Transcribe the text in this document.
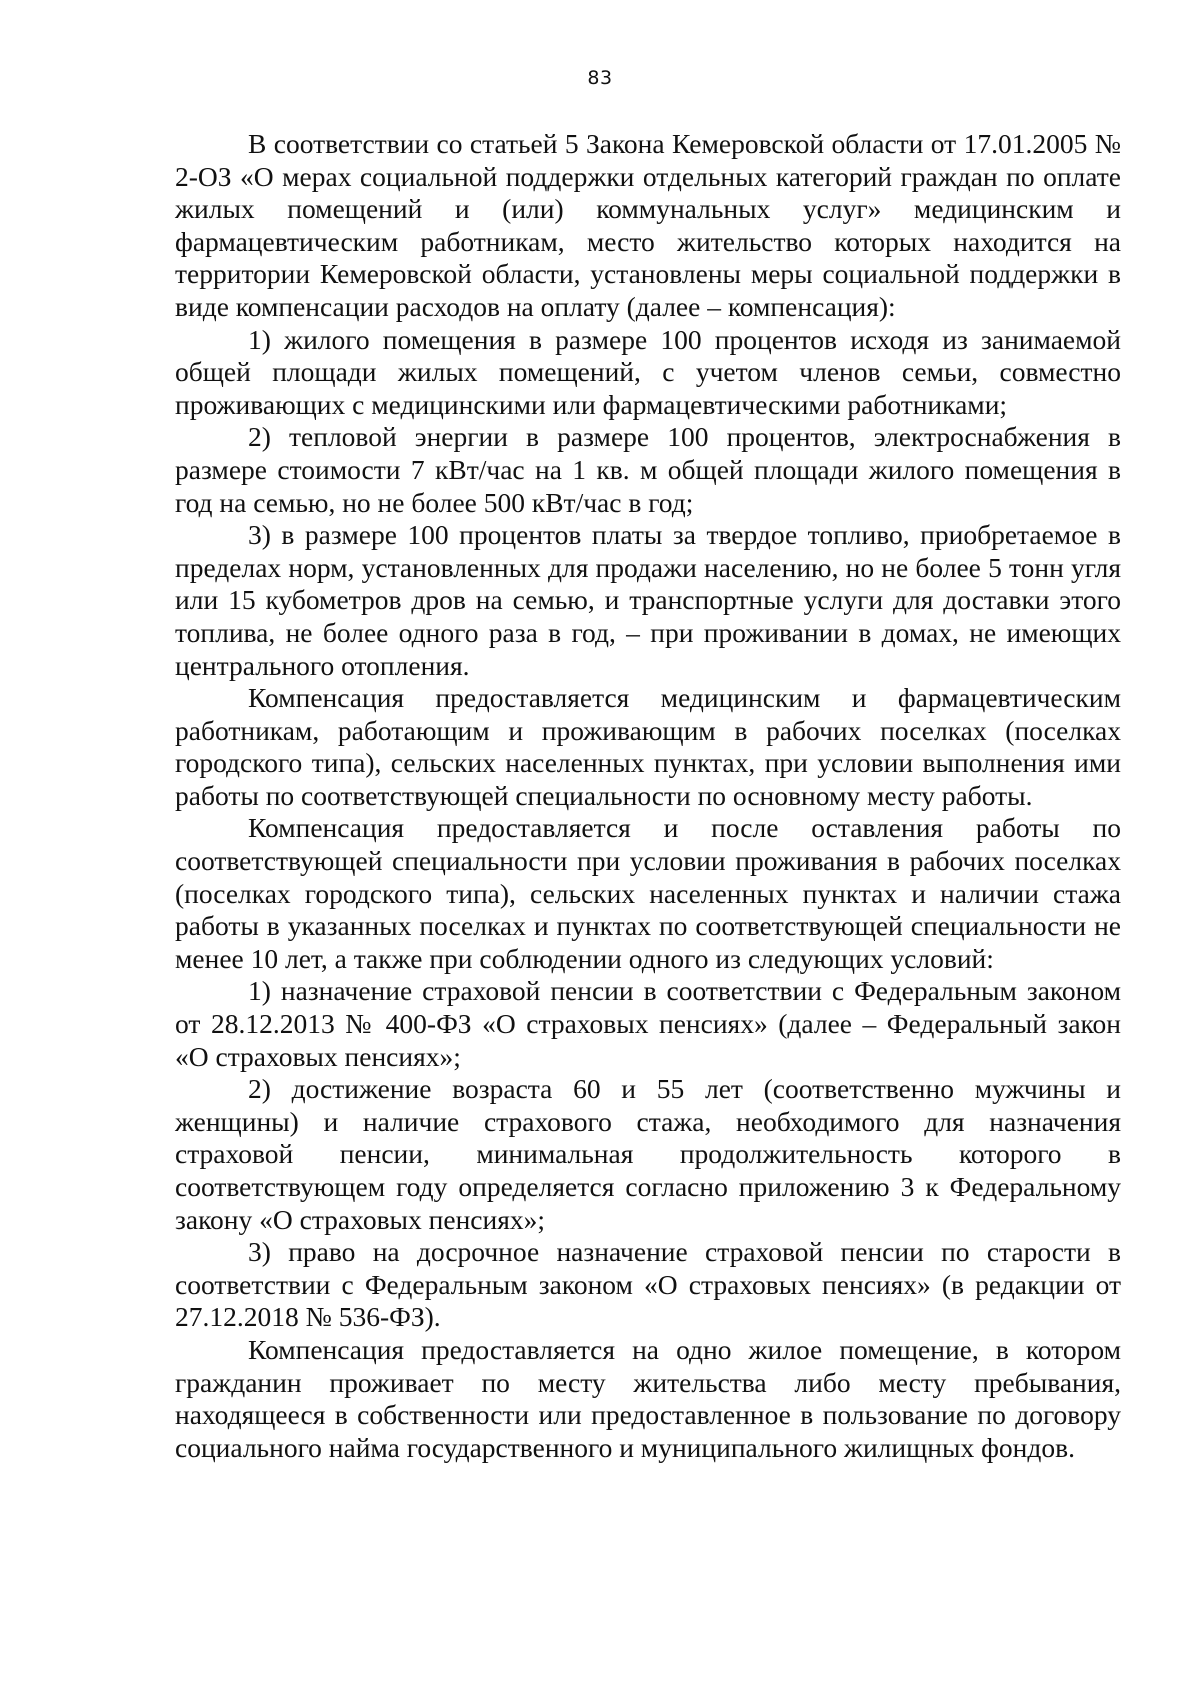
83

В соответствии со статьей 5 Закона Кемеровской области от 17.01.2005 № 2-ОЗ «О мерах социальной поддержки отдельных категорий граждан по оплате жилых помещений и (или) коммунальных услуг» медицинским и фармацевтическим работникам, место жительство которых находится на территории Кемеровской области, установлены меры социальной поддержки в виде компенсации расходов на оплату (далее – компенсация):

1) жилого помещения в размере 100 процентов исходя из занимаемой общей площади жилых помещений, с учетом членов семьи, совместно проживающих с медицинскими или фармацевтическими работниками;

2) тепловой энергии в размере 100 процентов, электроснабжения в размере стоимости 7 кВт/час на 1 кв. м общей площади жилого помещения в год на семью, но не более 500 кВт/час в год;

3) в размере 100 процентов платы за твердое топливо, приобретаемое в пределах норм, установленных для продажи населению, но не более 5 тонн угля или 15 кубометров дров на семью, и транспортные услуги для доставки этого топлива, не более одного раза в год, – при проживании в домах, не имеющих центрального отопления.

Компенсация предоставляется медицинским и фармацевтическим работникам, работающим и проживающим в рабочих поселках (поселках городского типа), сельских населенных пунктах, при условии выполнения ими работы по соответствующей специальности по основному месту работы.

Компенсация предоставляется и после оставления работы по соответствующей специальности при условии проживания в рабочих поселках (поселках городского типа), сельских населенных пунктах и наличии стажа работы в указанных поселках и пунктах по соответствующей специальности не менее 10 лет, а также при соблюдении одного из следующих условий:

1) назначение страховой пенсии в соответствии с Федеральным законом от 28.12.2013 № 400-ФЗ «О страховых пенсиях» (далее – Федеральный закон «О страховых пенсиях»;

2) достижение возраста 60 и 55 лет (соответственно мужчины и женщины) и наличие страхового стажа, необходимого для назначения страховой пенсии, минимальная продолжительность которого в соответствующем году определяется согласно приложению 3 к Федеральному закону «О страховых пенсиях»;

3) право на досрочное назначение страховой пенсии по старости в соответствии с Федеральным законом «О страховых пенсиях» (в редакции от 27.12.2018 № 536-ФЗ).

Компенсация предоставляется на одно жилое помещение, в котором гражданин проживает по месту жительства либо месту пребывания, находящееся в собственности или предоставленное в пользование по договору социального найма государственного и муниципального жилищных фондов.
